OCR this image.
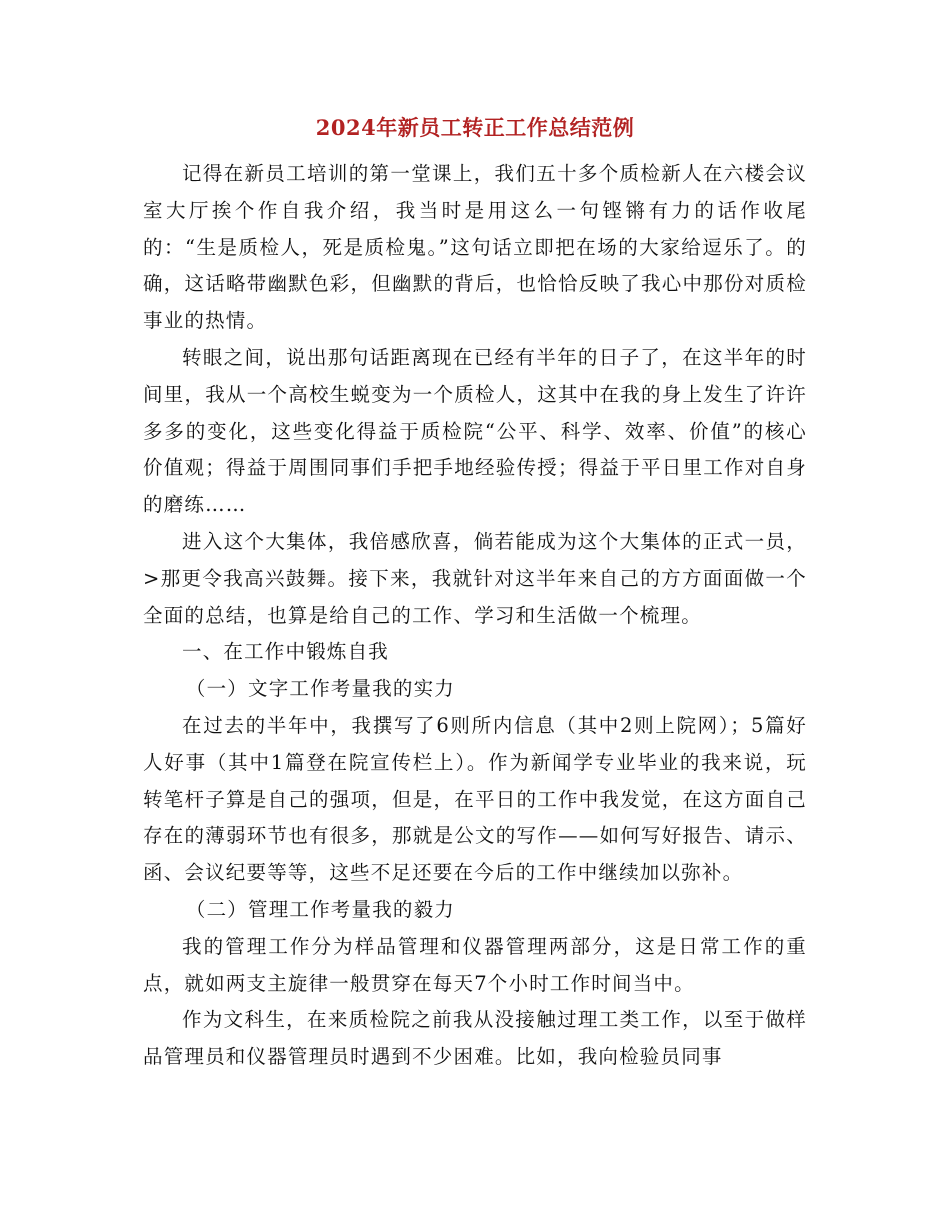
2024年新员工转正工作总结范例

记得在新员工培训的第一堂课上，我们五十多个质检新人在六楼会议室大厅挨个作自我介绍，我当时是用这么一句铿锵有力的话作收尾的：“生是质检人，死是质检鬼。”这句话立即把在场的大家给逗乐了。的确，这话略带幽默色彩，但幽默的背后，也恰恰反映了我心中那份对质检事业的热情。

转眼之间，说出那句话距离现在已经有半年的日子了，在这半年的时间里，我从一个高校生蜕变为一个质检人，这其中在我的身上发生了许许多多的变化，这些变化得益于质检院“公平、科学、效率、价值”的核心价值观；得益于周围同事们手把手地经验传授；得益于平日里工作对自身的磨练……

进入这个大集体，我倍感欣喜，倘若能成为这个大集体的正式一员，>那更令我高兴鼓舞。接下来，我就针对这半年来自己的方方面面做一个全面的总结，也算是给自己的工作、学习和生活做一个梳理。

一、在工作中锻炼自我

（一）文字工作考量我的实力

在过去的半年中，我撰写了6则所内信息（其中2则上院网）；5篇好人好事（其中1篇登在院宣传栏上）。作为新闻学专业毕业的我来说，玩转笔杆子算是自己的强项，但是，在平日的工作中我发觉，在这方面自己存在的薄弱环节也有很多，那就是公文的写作——如何写好报告、请示、函、会议纪要等等，这些不足还要在今后的工作中继续加以弥补。

（二）管理工作考量我的毅力

我的管理工作分为样品管理和仪器管理两部分，这是日常工作的重点，就如两支主旋律一般贯穿在每天7个小时工作时间当中。

作为文科生，在来质检院之前我从没接触过理工类工作，以至于做样品管理员和仪器管理员时遇到不少困难。比如，我向检验员同事
